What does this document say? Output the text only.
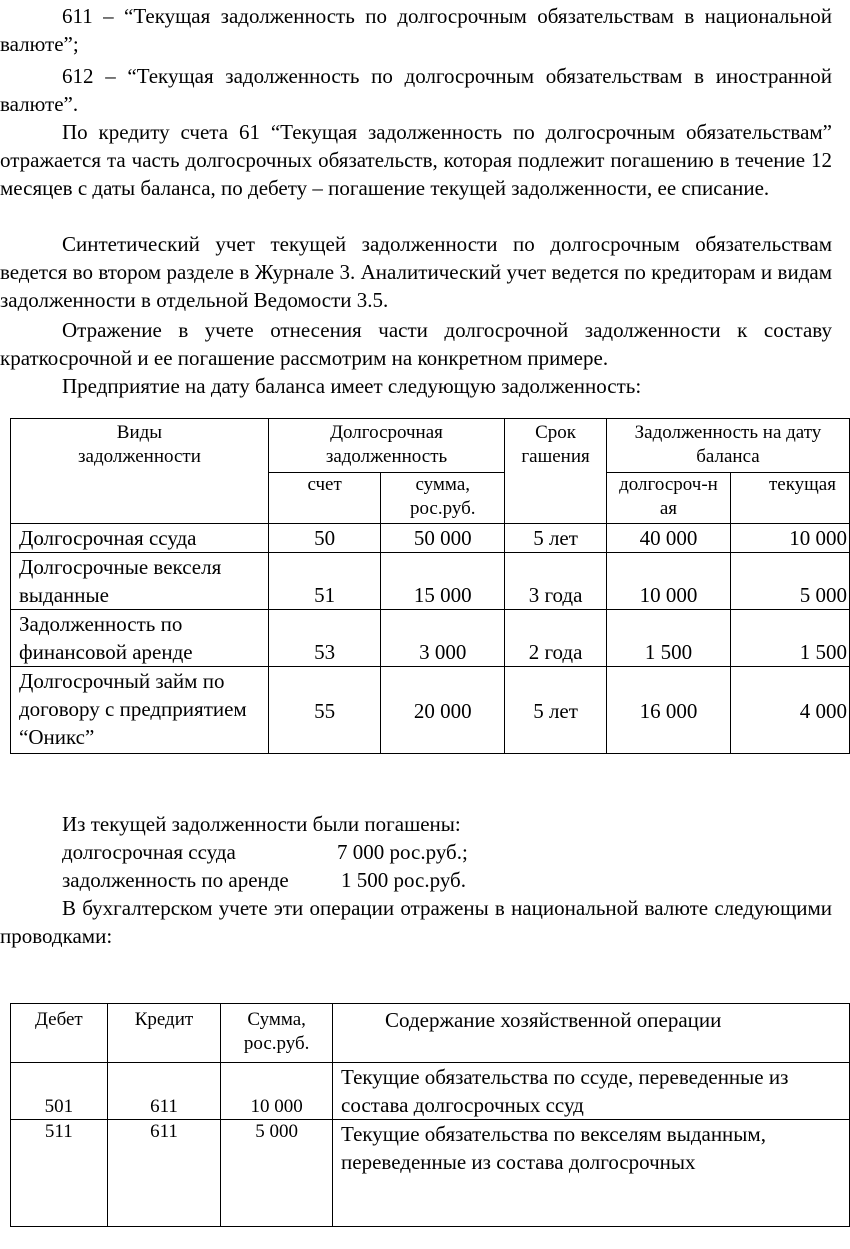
611 – “Текущая задолженность по долгосрочным обязательствам в национальной валюте”;
612 – “Текущая задолженность по долгосрочным обязательствам в иностранной валюте”.
По кредиту счета 61 “Текущая задолженность по долгосрочным обязательствам” отражается та часть долгосрочных обязательств, которая подлежит погашению в течение 12 месяцев с даты баланса, по дебету – погашение текущей задолженности, ее списание.
Синтетический учет текущей задолженности по долгосрочным обязательствам ведется во втором разделе в Журнале 3. Аналитический учет ведется по кредиторам и видам задолженности в отдельной Ведомости 3.5.
Отражение в учете отнесения части долгосрочной задолженности к составу краткосрочной и ее погашение рассмотрим на конкретном примере.
Предприятие на дату баланса имеет следующую задолженность:
Виды задолженности	Долгосрочная задолженность		Срок гашения	Задолженность на дату баланса	
	счет	сумма, рос.руб.		долгосроч-ная	текущая
Долгосрочная ссуда	50	50 000	5 лет	40 000	10 000
Долгосрочные векселя выданные	51	15 000	3 года	10 000	5 000
Задолженность по финансовой аренде	53	3 000	2 года	1 500	1 500
Долгосрочный займ по договору с предприятием “Оникс”	55	20 000	5 лет	16 000	4 000
Из текущей задолженности были погашены:
долгосрочная ссуда	7 000 рос.руб.;
задолженность по аренде 1 500 рос.руб.
В бухгалтерском учете эти операции отражены в национальной валюте следующими проводками:
Дебет	Кредит	Сумма, рос.руб.	Содержание хозяйственной операции
501	611	10 000	Текущие обязательства по ссуде, переведенные из состава долгосрочных ссуд
511	611	5 000	Текущие обязательства по векселям выданным, переведенные из состава долгосрочных
